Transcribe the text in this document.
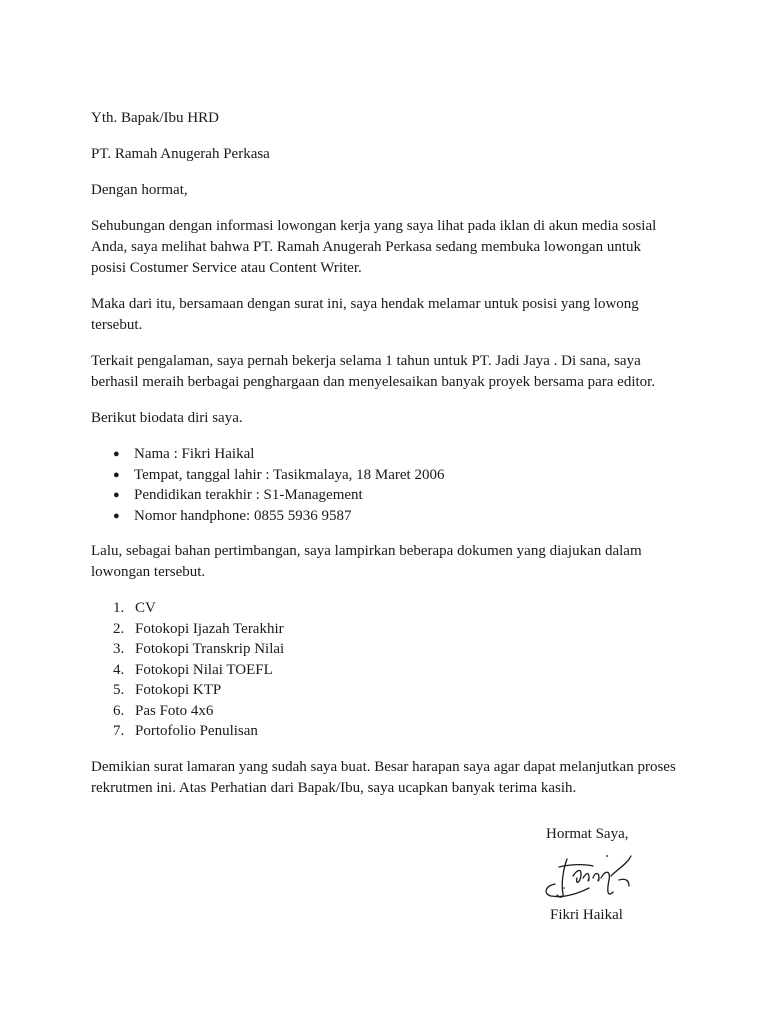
Yth. Bapak/Ibu HRD

PT. Ramah Anugerah Perkasa

Dengan hormat,

Sehubungan dengan informasi lowongan kerja yang saya lihat pada iklan di akun media sosial
Anda, saya melihat bahwa PT. Ramah Anugerah Perkasa sedang membuka lowongan untuk
posisi Costumer Service atau Content Writer.
Maka dari itu, bersamaan dengan surat ini, saya hendak melamar untuk posisi yang lowong
tersebut.
Terkait pengalaman, saya pernah bekerja selama 1 tahun untuk PT. Jadi Jaya . Di sana, saya
berhasil meraih berbagai penghargaan dan menyelesaikan banyak proyek bersama para editor.

Berikut biodata diri saya.

● Nama : Fikri Haikal
● Tempat, tanggal lahir : Tasikmalaya, 18 Maret 2006
● Pendidikan terakhir : S1-Management
● Nomor handphone: 0855 5936 9587
Lalu, sebagai bahan pertimbangan, saya lampirkan beberapa dokumen yang diajukan dalam
lowongan tersebut.
1. CV
2. Fotokopi Ijazah Terakhir
3. Fotokopi Transkrip Nilai
4. Fotokopi Nilai TOEFL
5. Fotokopi KTP
6. Pas Foto 4x6
7. Portofolio Penulisan
Demikian surat lamaran yang sudah saya buat. Besar harapan saya agar dapat melanjutkan proses
rekrutmen ini. Atas Perhatian dari Bapak/Ibu, saya ucapkan banyak terima kasih.
Hormat Saya,
Fikri Haikal
